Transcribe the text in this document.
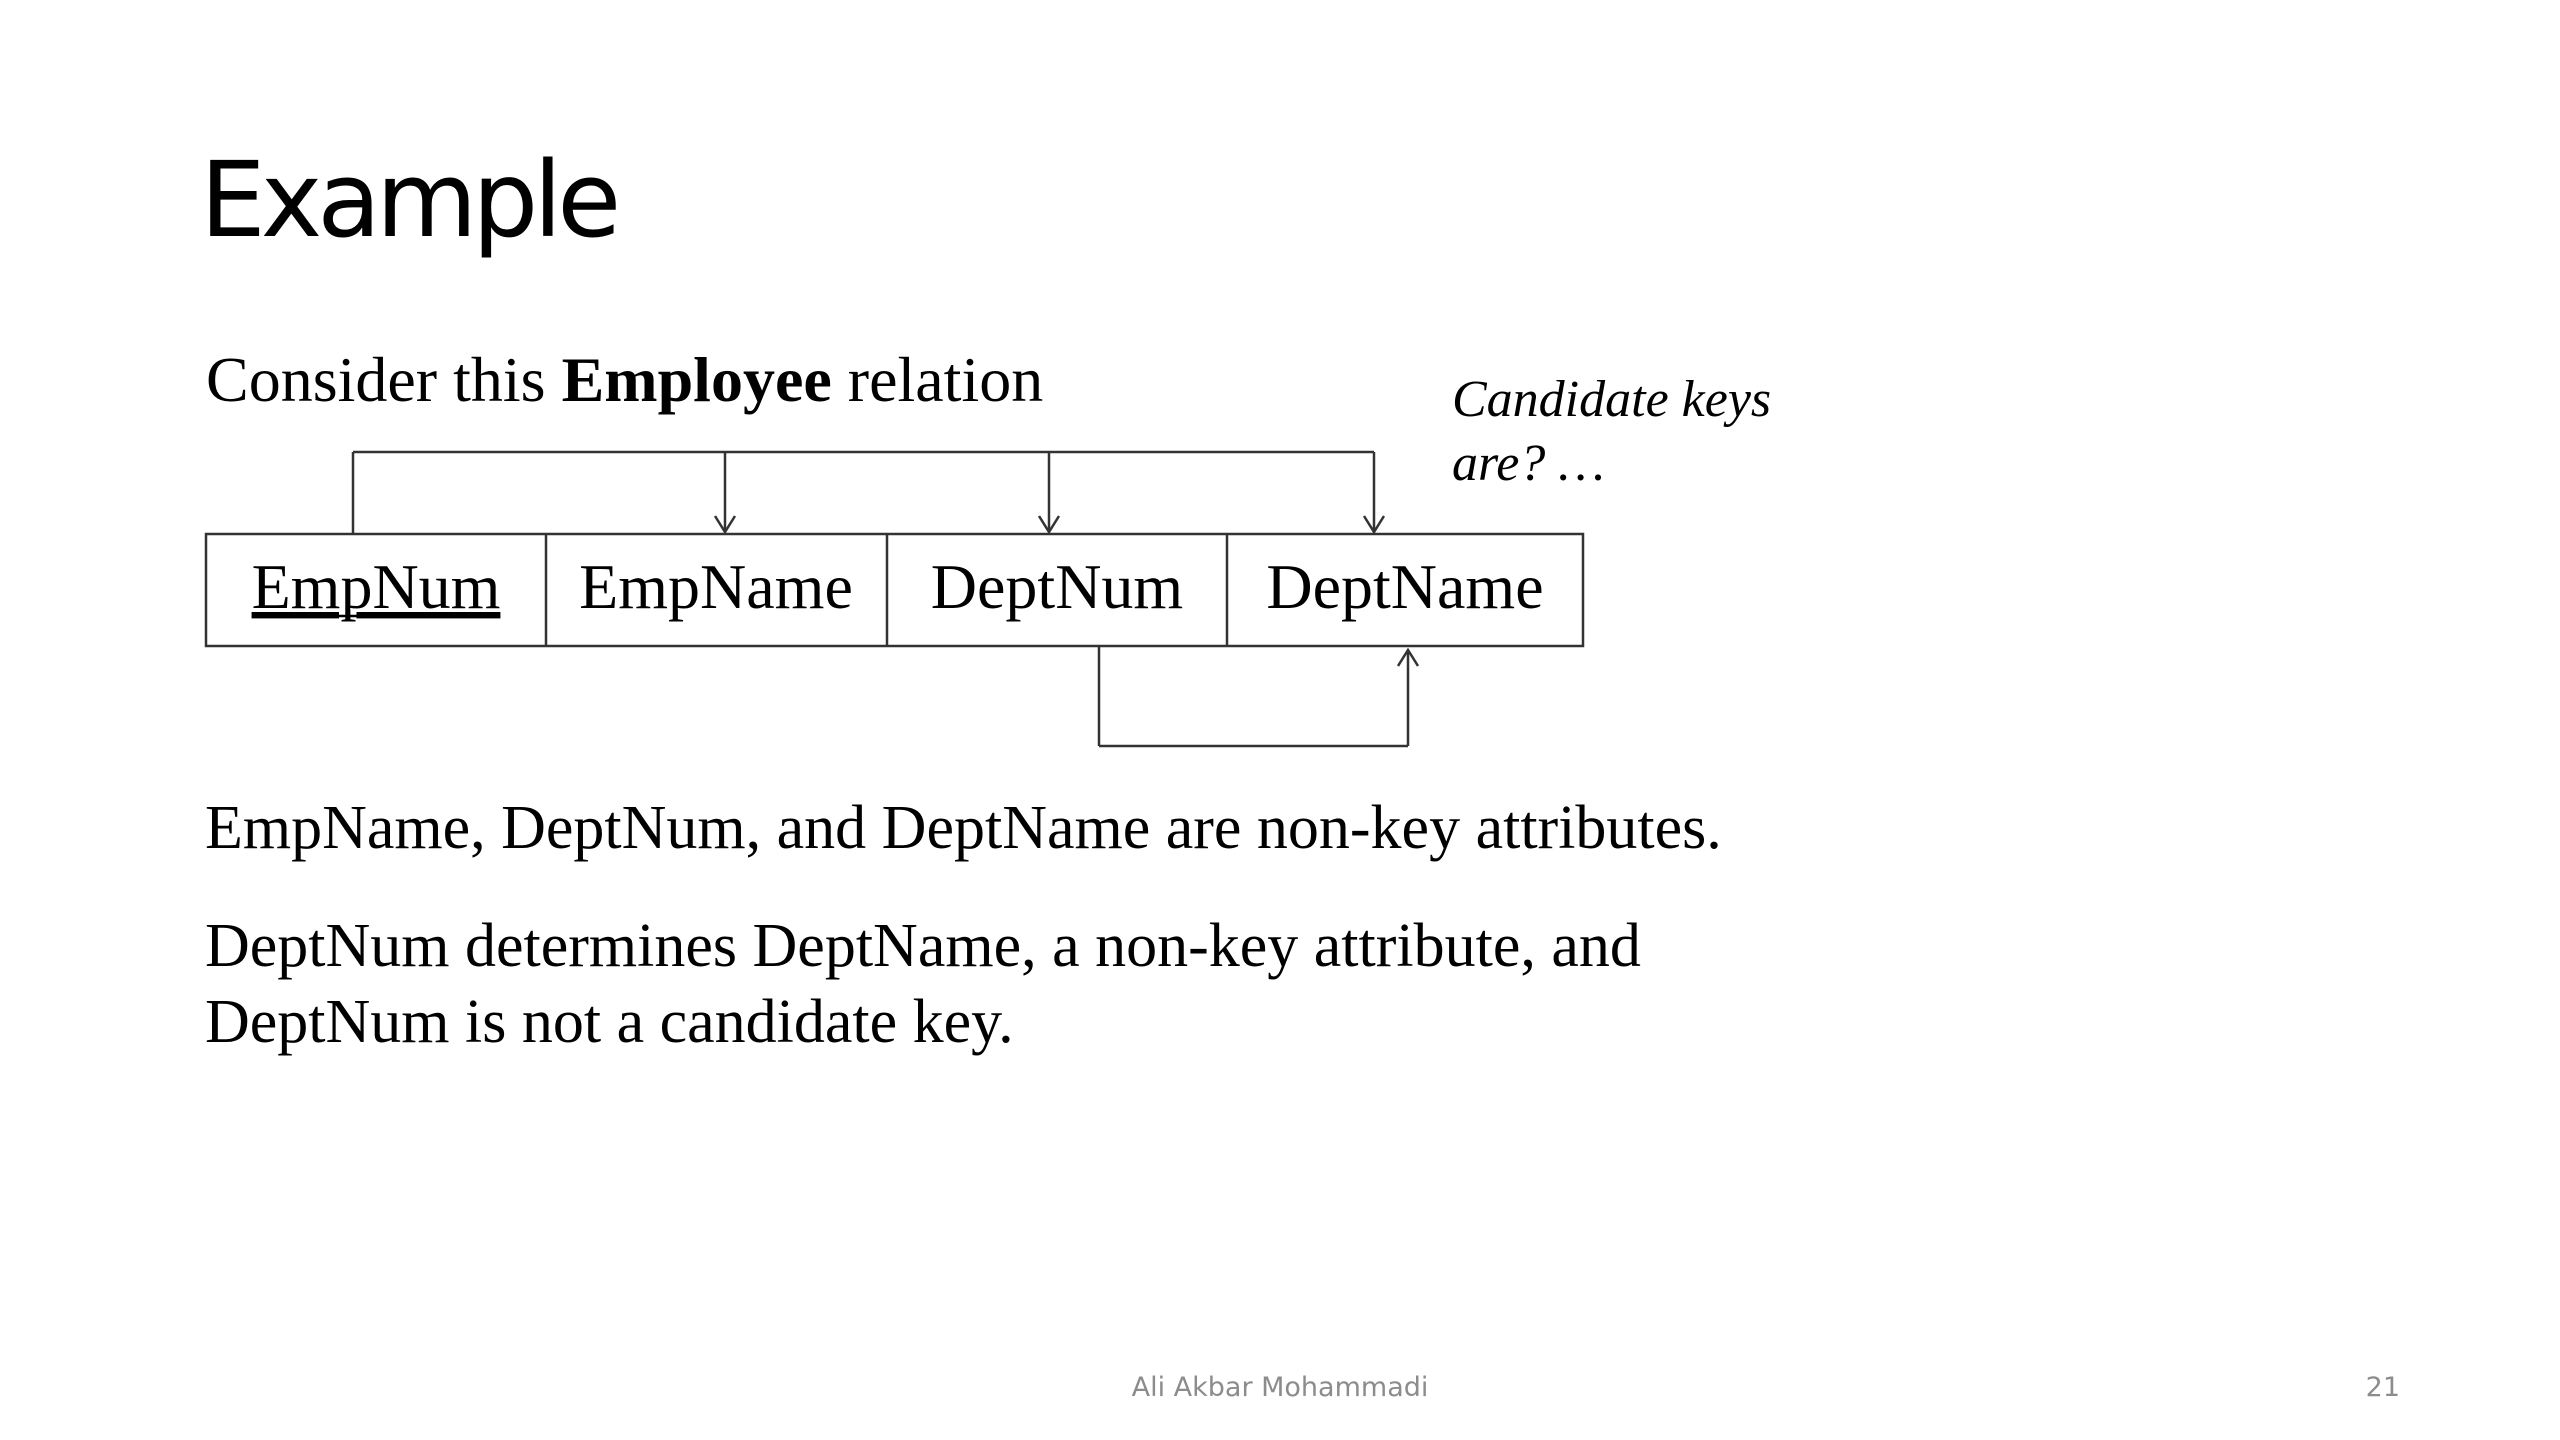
Example
Consider this Employee relation	Candidate keys
are? …
EmpNum EmpName DeptNum DeptName
EmpName, DeptNum, and DeptName are non-key attributes.
DeptNum determines DeptName, a non-key attribute, and
DeptNum is not a candidate key.
Ali Akbar Mohammadi	21
